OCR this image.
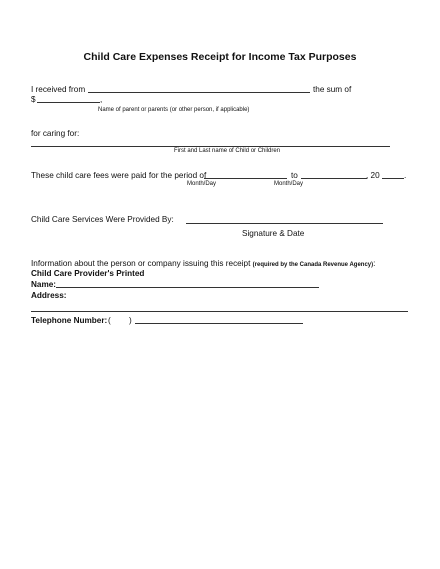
Child Care Expenses Receipt for Income Tax Purposes
I received from	the sum of
$	,
Name of parent or parents (or other person, if applicable)
for caring for:
First and Last name of Child or Children
These child care fees were paid for the period of	to	, 20	.
Month/Day	Month/Day
Child Care Services Were Provided By:
Signature & Date
Information about the person or company issuing this receipt (required by the Canada Revenue Agency):
Child Care Provider's Printed
Name:
Address:
Telephone Number: ( )
